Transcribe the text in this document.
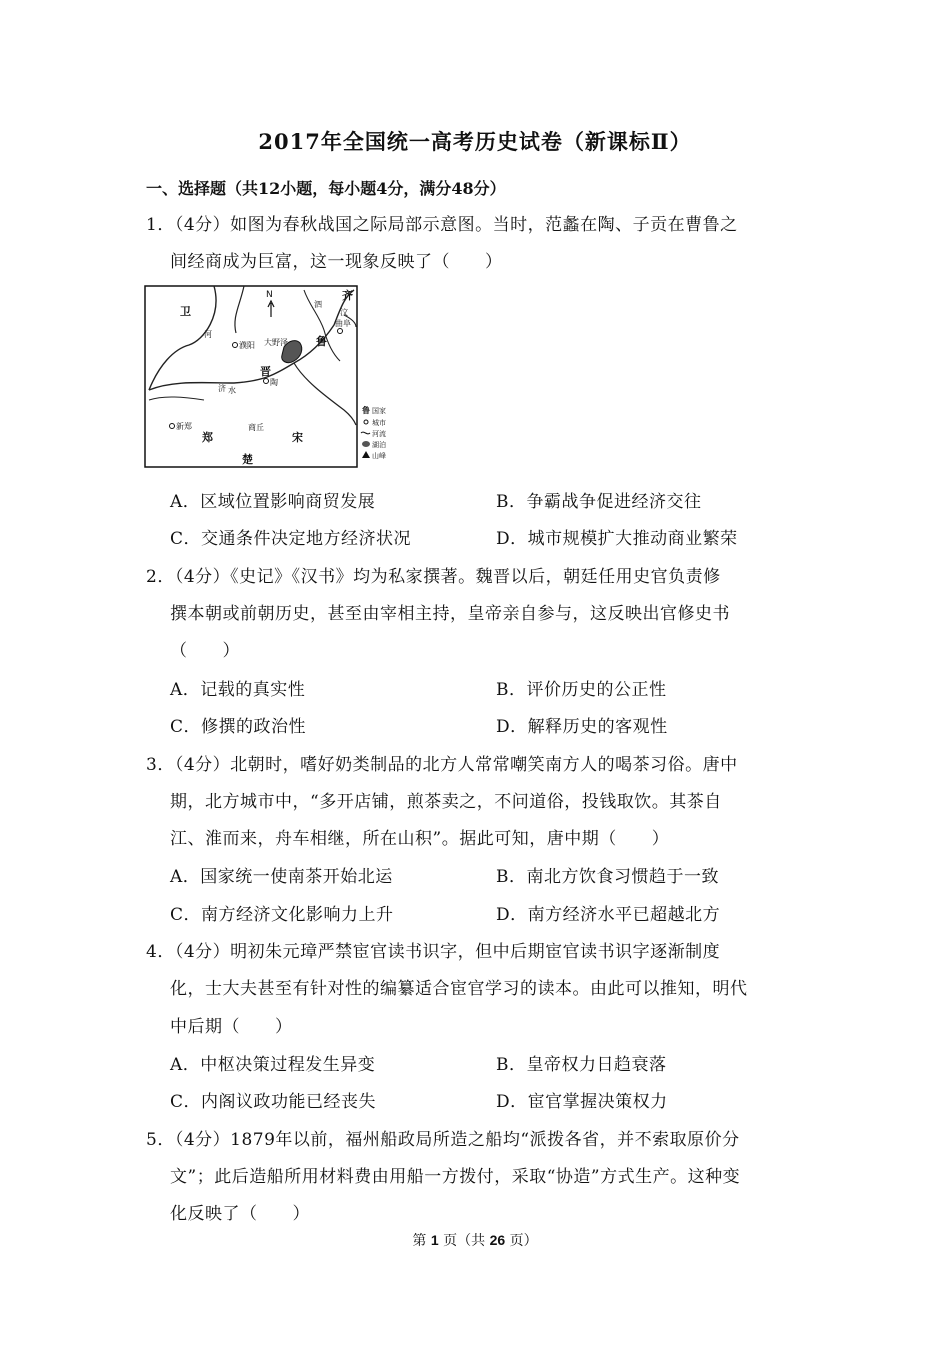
2017年全国统一高考历史试卷（新课标Ⅱ）
一、选择题（共12小题，每小题4分，满分48分）
1．（4分）如图为春秋战国之际局部示意图。当时，范蠡在陶、子贡在曹鲁之
间经商成为巨富，这一现象反映了（　　）
N
卫
鲁
齐
晋
郑	宋
楚
濮阳 大野泽
曲阜
陶
新郑	商丘
河
济 水
泗
汶
鲁 国家
城市
河流
湖泊
山峰
A．区域位置影响商贸发展	B．争霸战争促进经济交往
C．交通条件决定地方经济状况	D．城市规模扩大推动商业繁荣
2．（4分）《史记》《汉书》均为私家撰著。魏晋以后，朝廷任用史官负责修
撰本朝或前朝历史，甚至由宰相主持，皇帝亲自参与，这反映出官修史书
（　　）
A．记载的真实性	B．评价历史的公正性
C．修撰的政治性	D．解释历史的客观性
3．（4分）北朝时，嗜好奶类制品的北方人常常嘲笑南方人的喝茶习俗。唐中
期，北方城市中，“多开店铺，煎茶卖之，不问道俗，投钱取饮。其茶自
江、淮而来，舟车相继，所在山积”。据此可知，唐中期（　　）
A．国家统一使南茶开始北运	B．南北方饮食习惯趋于一致
C．南方经济文化影响力上升	D．南方经济水平已超越北方
4．（4分）明初朱元璋严禁宦官读书识字，但中后期宦官读书识字逐渐制度
化，士大夫甚至有针对性的编纂适合宦官学习的读本。由此可以推知，明代
中后期（　　）
A．中枢决策过程发生异变	B．皇帝权力日趋衰落
C．内阁议政功能已经丧失	D．宦官掌握决策权力
5．（4分）1879年以前，福州船政局所造之船均“派拨各省，并不索取原价分
文”；此后造船所用材料费由用船一方拨付，采取“协造”方式生产。这种变
化反映了（　　）
第 1 页（共 26 页）
